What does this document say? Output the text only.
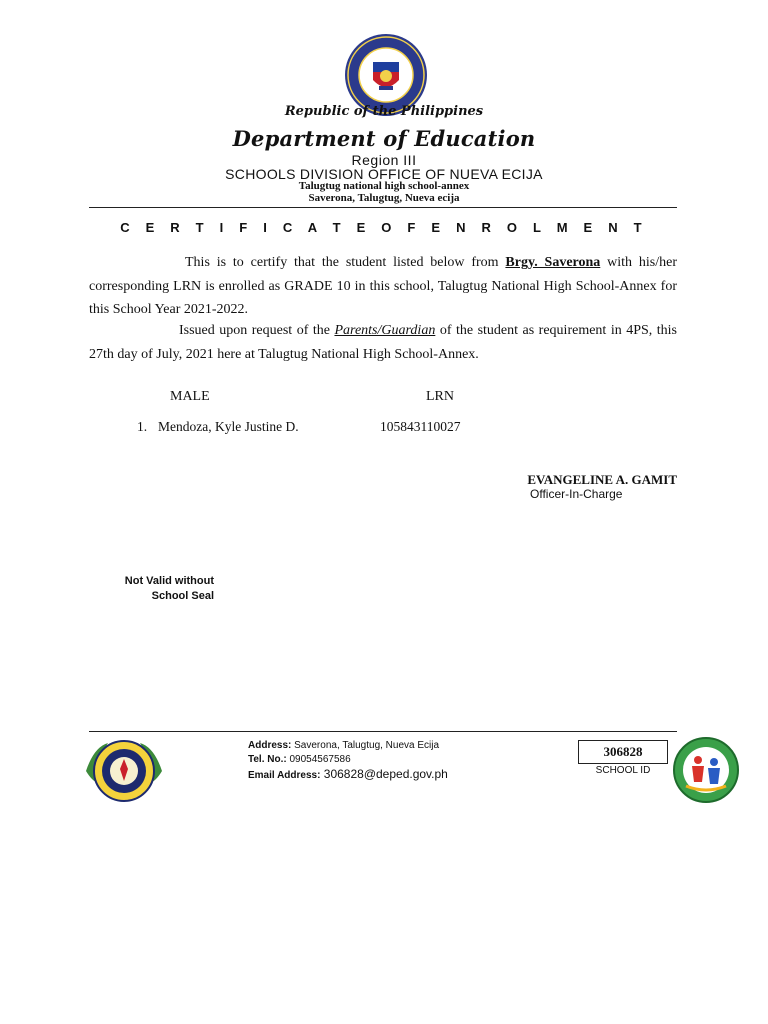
Republic of the Philippines
Department of Education
Region III
SCHOOLS DIVISION OFFICE OF NUEVA ECIJA
Talugtug national high school-annex
Saverona, Talugtug, Nueva ecija
C E R T I F I C A T E O F E N R O L M E N T
This is to certify that the student listed below from Brgy. Saverona with his/her corresponding LRN is enrolled as GRADE 10 in this school, Talugtug National High School-Annex for this School Year 2021-2022.
Issued upon request of the Parents/Guardian of the student as requirement in 4PS, this 27th day of July, 2021 here at Talugtug National High School-Annex.
MALE	LRN
1. Mendoza, Kyle Justine D.	105843110027
EVANGELINE A. GAMIT
Officer-In-Charge
Not Valid without
School Seal
Address: Saverona, Talugtug, Nueva Ecija
Tel. No.: 09054567586
Email Address: 306828@deped.gov.ph
306828
SCHOOL ID
